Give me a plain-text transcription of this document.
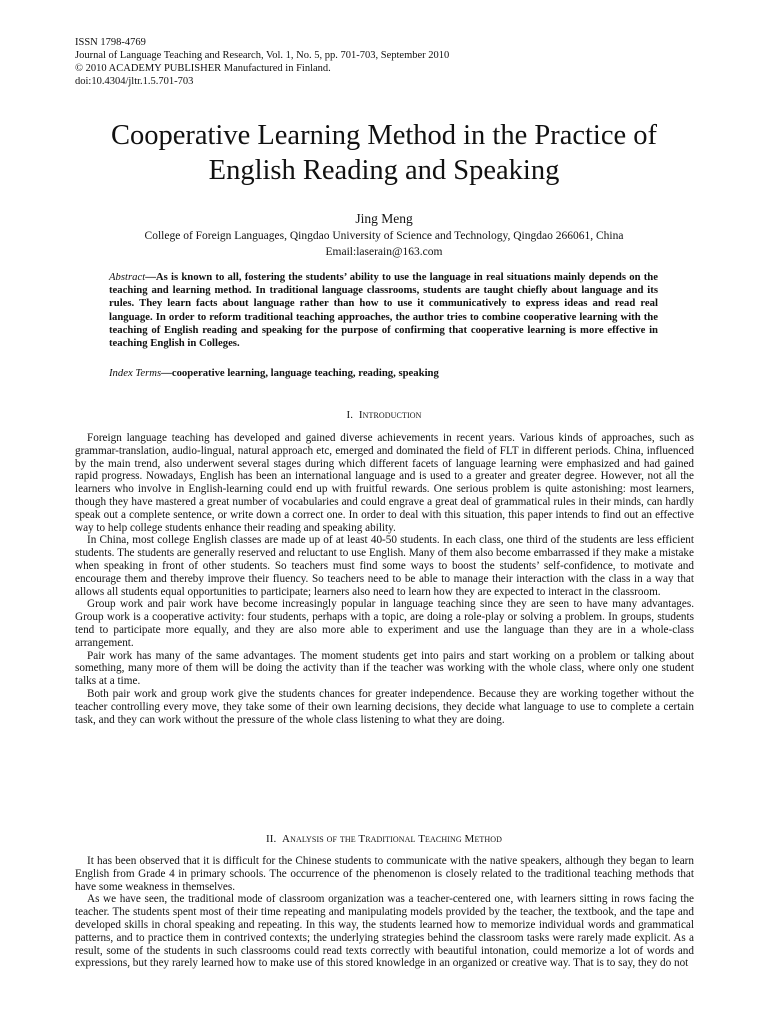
ISSN 1798-4769
Journal of Language Teaching and Research, Vol. 1, No. 5, pp. 701-703, September 2010
© 2010 ACADEMY PUBLISHER Manufactured in Finland.
doi:10.4304/jltr.1.5.701-703
Cooperative Learning Method in the Practice of
English Reading and Speaking
Jing Meng
College of Foreign Languages, Qingdao University of Science and Technology, Qingdao 266061, China
Email:laserain@163.com
Abstract—As is known to all, fostering the students’ ability to use the language in real situations mainly depends on the teaching and learning method. In traditional language classrooms, students are taught chiefly about language and its rules. They learn facts about language rather than how to use it communicatively to express ideas and read real language. In order to reform traditional teaching approaches, the author tries to combine cooperative learning with the teaching of English reading and speaking for the purpose of confirming that cooperative learning is more effective in teaching English in Colleges.
Index Terms—cooperative learning, language teaching, reading, speaking
I. Introduction

Foreign language teaching has developed and gained diverse achievements in recent years. Various kinds of approaches, such as grammar-translation, audio-lingual, natural approach etc, emerged and dominated the field of FLT in different periods. China, influenced by the main trend, also underwent several stages during which different facets of language learning were emphasized and had gained rapid progress. Nowadays, English has been an international language and is used to a greater and greater degree. However, not all the learners who involve in English-learning could end up with fruitful rewards. One serious problem is quite astonishing: most learners, though they have mastered a great number of vocabularies and could engrave a great deal of grammatical rules in their minds, can hardly speak out a complete sentence, or write down a correct one. In order to deal with this situation, this paper intends to find out an effective way to help college students enhance their reading and speaking ability.

In China, most college English classes are made up of at least 40-50 students. In each class, one third of the students are less efficient students. The students are generally reserved and reluctant to use English. Many of them also become embarrassed if they make a mistake when speaking in front of other students. So teachers must find some ways to boost the students’ self-confidence, to motivate and encourage them and thereby improve their fluency. So teachers need to be able to manage their interaction with the class in a way that allows all students equal opportunities to participate; learners also need to learn how they are expected to interact in the classroom.

Group work and pair work have become increasingly popular in language teaching since they are seen to have many advantages. Group work is a cooperative activity: four students, perhaps with a topic, are doing a role-play or solving a problem. In groups, students tend to participate more equally, and they are also more able to experiment and use the language than they are in a whole-class arrangement.

Pair work has many of the same advantages. The moment students get into pairs and start working on a problem or talking about something, many more of them will be doing the activity than if the teacher was working with the whole class, where only one student talks at a time.

Both pair work and group work give the students chances for greater independence. Because they are working together without the teacher controlling every move, they take some of their own learning decisions, they decide what language to use to complete a certain task, and they can work without the pressure of the whole class listening to what they are doing.

II. Analysis of the Traditional Teaching Method

It has been observed that it is difficult for the Chinese students to communicate with the native speakers, although they began to learn English from Grade 4 in primary schools. The occurrence of the phenomenon is closely related to the traditional teaching methods that have some weakness in themselves.

As we have seen, the traditional mode of classroom organization was a teacher-centered one, with learners sitting in rows facing the teacher. The students spent most of their time repeating and manipulating models provided by the teacher, the textbook, and the tape and developed skills in choral speaking and repeating. In this way, the students learned how to memorize individual words and grammatical patterns, and to practice them in contrived contexts; the underlying strategies behind the classroom tasks were rarely made explicit. As a result, some of the students in such classrooms could read texts correctly with beautiful intonation, could memorize a lot of words and expressions, but they rarely learned how to make use of this stored knowledge in an organized or creative way. That is to say, they do not
